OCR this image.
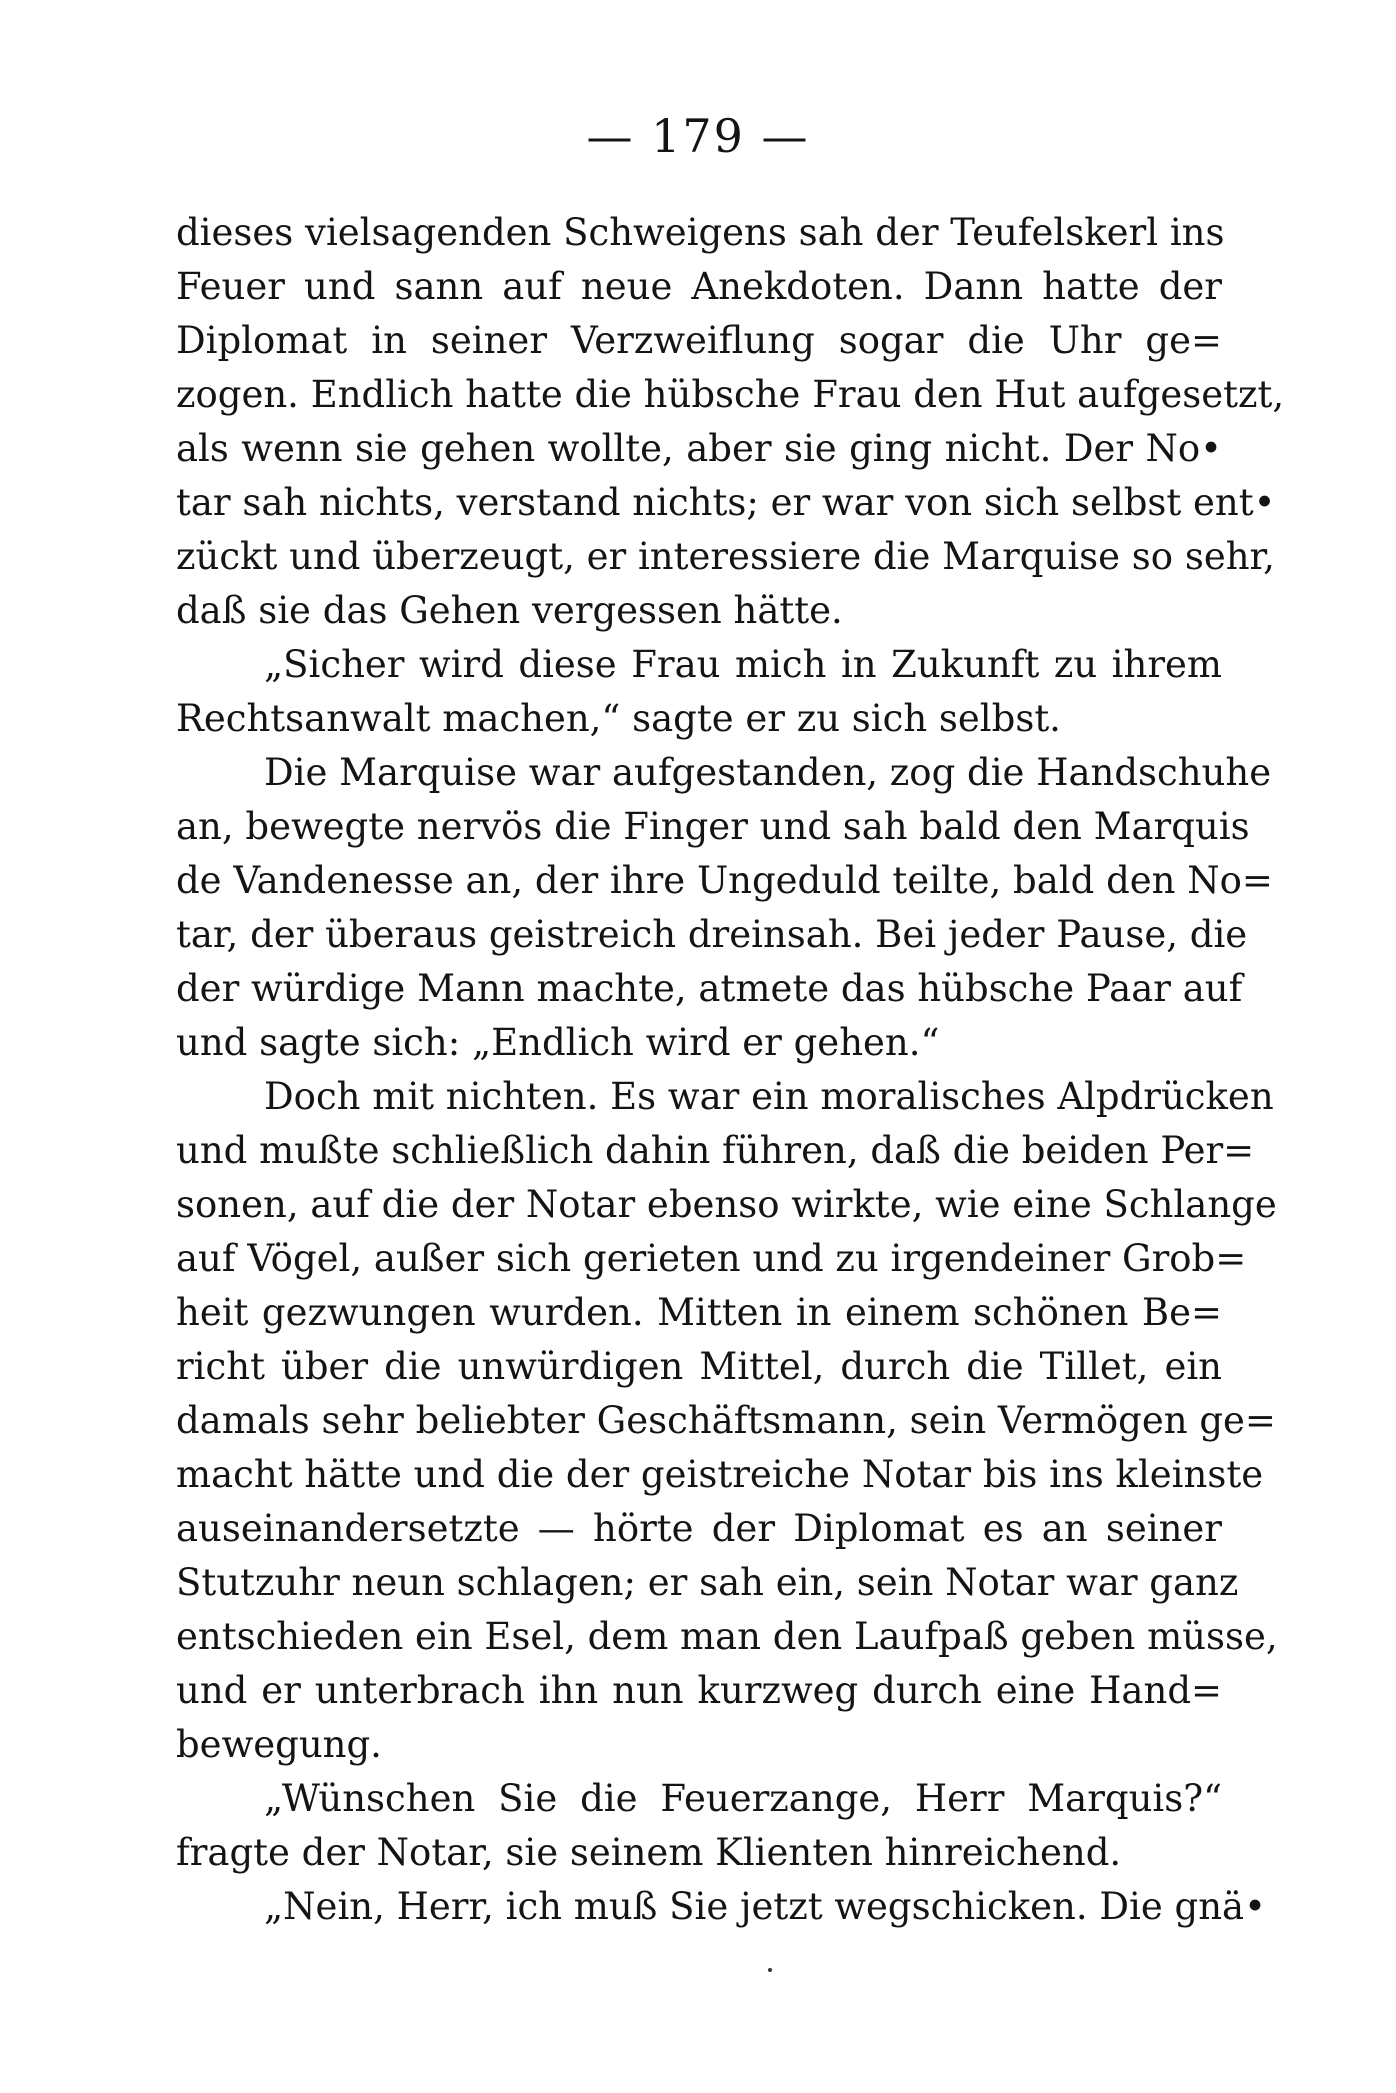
— 179 —
dieses vielsagenden Schweigens sah der Teufelskerl ins
Feuer und sann auf neue Anekdoten. Dann hatte der
Diplomat in seiner Verzweiflung sogar die Uhr ge=
zogen. Endlich hatte die hübsche Frau den Hut aufgesetzt,
als wenn sie gehen wollte, aber sie ging nicht. Der No•
tar sah nichts, verstand nichts; er war von sich selbst ent•
zückt und überzeugt, er interessiere die Marquise so sehr,
daß sie das Gehen vergessen hätte.
„Sicher wird diese Frau mich in Zukunft zu ihrem
Rechtsanwalt machen,“ sagte er zu sich selbst.
Die Marquise war aufgestanden, zog die Handschuhe
an, bewegte nervös die Finger und sah bald den Marquis
de Vandenesse an, der ihre Ungeduld teilte, bald den No=
tar, der überaus geistreich dreinsah. Bei jeder Pause, die
der würdige Mann machte, atmete das hübsche Paar auf
und sagte sich: „Endlich wird er gehen.“
Doch mit nichten. Es war ein moralisches Alpdrücken
und mußte schließlich dahin führen, daß die beiden Per=
sonen, auf die der Notar ebenso wirkte, wie eine Schlange
auf Vögel, außer sich gerieten und zu irgendeiner Grob=
heit gezwungen wurden. Mitten in einem schönen Be=
richt über die unwürdigen Mittel, durch die Tillet, ein
damals sehr beliebter Geschäftsmann, sein Vermögen ge=
macht hätte und die der geistreiche Notar bis ins kleinste
auseinandersetzte — hörte der Diplomat es an seiner
Stutzuhr neun schlagen; er sah ein, sein Notar war ganz
entschieden ein Esel, dem man den Laufpaß geben müsse,
und er unterbrach ihn nun kurzweg durch eine Hand=
bewegung.
„Wünschen Sie die Feuerzange, Herr Marquis?“
fragte der Notar, sie seinem Klienten hinreichend.
„Nein, Herr, ich muß Sie jetzt wegschicken. Die gnä•
